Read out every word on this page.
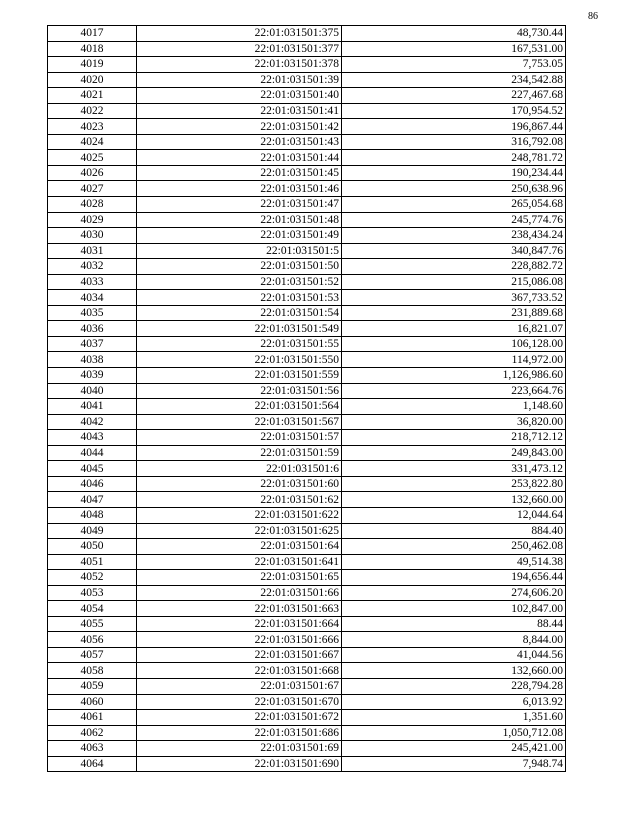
86
4017	22:01:031501:375	48,730.44
4018	22:01:031501:377	167,531.00
4019	22:01:031501:378	7,753.05
4020	22:01:031501:39	234,542.88
4021	22:01:031501:40	227,467.68
4022	22:01:031501:41	170,954.52
4023	22:01:031501:42	196,867.44
4024	22:01:031501:43	316,792.08
4025	22:01:031501:44	248,781.72
4026	22:01:031501:45	190,234.44
4027	22:01:031501:46	250,638.96
4028	22:01:031501:47	265,054.68
4029	22:01:031501:48	245,774.76
4030	22:01:031501:49	238,434.24
4031	22:01:031501:5	340,847.76
4032	22:01:031501:50	228,882.72
4033	22:01:031501:52	215,086.08
4034	22:01:031501:53	367,733.52
4035	22:01:031501:54	231,889.68
4036	22:01:031501:549	16,821.07
4037	22:01:031501:55	106,128.00
4038	22:01:031501:550	114,972.00
4039	22:01:031501:559	1,126,986.60
4040	22:01:031501:56	223,664.76
4041	22:01:031501:564	1,148.60
4042	22:01:031501:567	36,820.00
4043	22:01:031501:57	218,712.12
4044	22:01:031501:59	249,843.00
4045	22:01:031501:6	331,473.12
4046	22:01:031501:60	253,822.80
4047	22:01:031501:62	132,660.00
4048	22:01:031501:622	12,044.64
4049	22:01:031501:625	884.40
4050	22:01:031501:64	250,462.08
4051	22:01:031501:641	49,514.38
4052	22:01:031501:65	194,656.44
4053	22:01:031501:66	274,606.20
4054	22:01:031501:663	102,847.00
4055	22:01:031501:664	88.44
4056	22:01:031501:666	8,844.00
4057	22:01:031501:667	41,044.56
4058	22:01:031501:668	132,660.00
4059	22:01:031501:67	228,794.28
4060	22:01:031501:670	6,013.92
4061	22:01:031501:672	1,351.60
4062	22:01:031501:686	1,050,712.08
4063	22:01:031501:69	245,421.00
4064	22:01:031501:690	7,948.74
